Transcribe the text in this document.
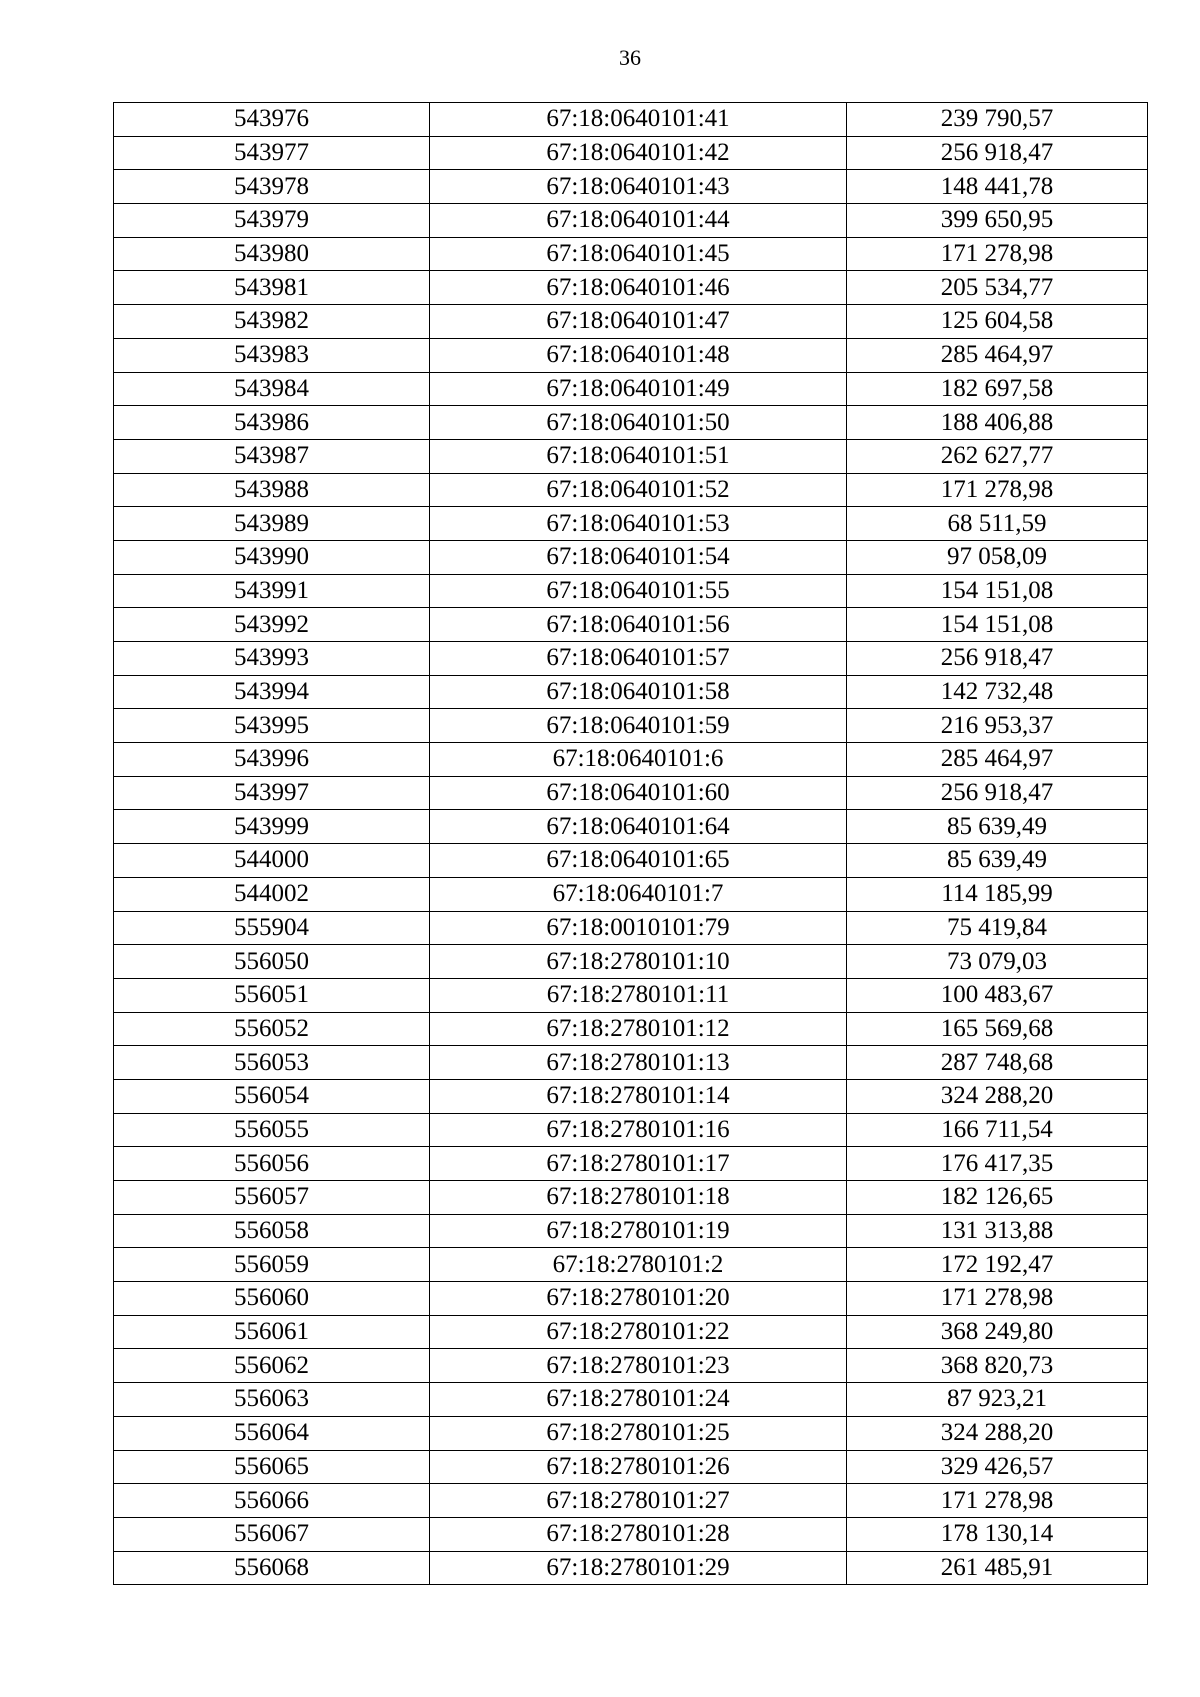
36
543976	67:18:0640101:41	239 790,57
543977	67:18:0640101:42	256 918,47
543978	67:18:0640101:43	148 441,78
543979	67:18:0640101:44	399 650,95
543980	67:18:0640101:45	171 278,98
543981	67:18:0640101:46	205 534,77
543982	67:18:0640101:47	125 604,58
543983	67:18:0640101:48	285 464,97
543984	67:18:0640101:49	182 697,58
543986	67:18:0640101:50	188 406,88
543987	67:18:0640101:51	262 627,77
543988	67:18:0640101:52	171 278,98
543989	67:18:0640101:53	68 511,59
543990	67:18:0640101:54	97 058,09
543991	67:18:0640101:55	154 151,08
543992	67:18:0640101:56	154 151,08
543993	67:18:0640101:57	256 918,47
543994	67:18:0640101:58	142 732,48
543995	67:18:0640101:59	216 953,37
543996	67:18:0640101:6	285 464,97
543997	67:18:0640101:60	256 918,47
543999	67:18:0640101:64	85 639,49
544000	67:18:0640101:65	85 639,49
544002	67:18:0640101:7	114 185,99
555904	67:18:0010101:79	75 419,84
556050	67:18:2780101:10	73 079,03
556051	67:18:2780101:11	100 483,67
556052	67:18:2780101:12	165 569,68
556053	67:18:2780101:13	287 748,68
556054	67:18:2780101:14	324 288,20
556055	67:18:2780101:16	166 711,54
556056	67:18:2780101:17	176 417,35
556057	67:18:2780101:18	182 126,65
556058	67:18:2780101:19	131 313,88
556059	67:18:2780101:2	172 192,47
556060	67:18:2780101:20	171 278,98
556061	67:18:2780101:22	368 249,80
556062	67:18:2780101:23	368 820,73
556063	67:18:2780101:24	87 923,21
556064	67:18:2780101:25	324 288,20
556065	67:18:2780101:26	329 426,57
556066	67:18:2780101:27	171 278,98
556067	67:18:2780101:28	178 130,14
556068	67:18:2780101:29	261 485,91
